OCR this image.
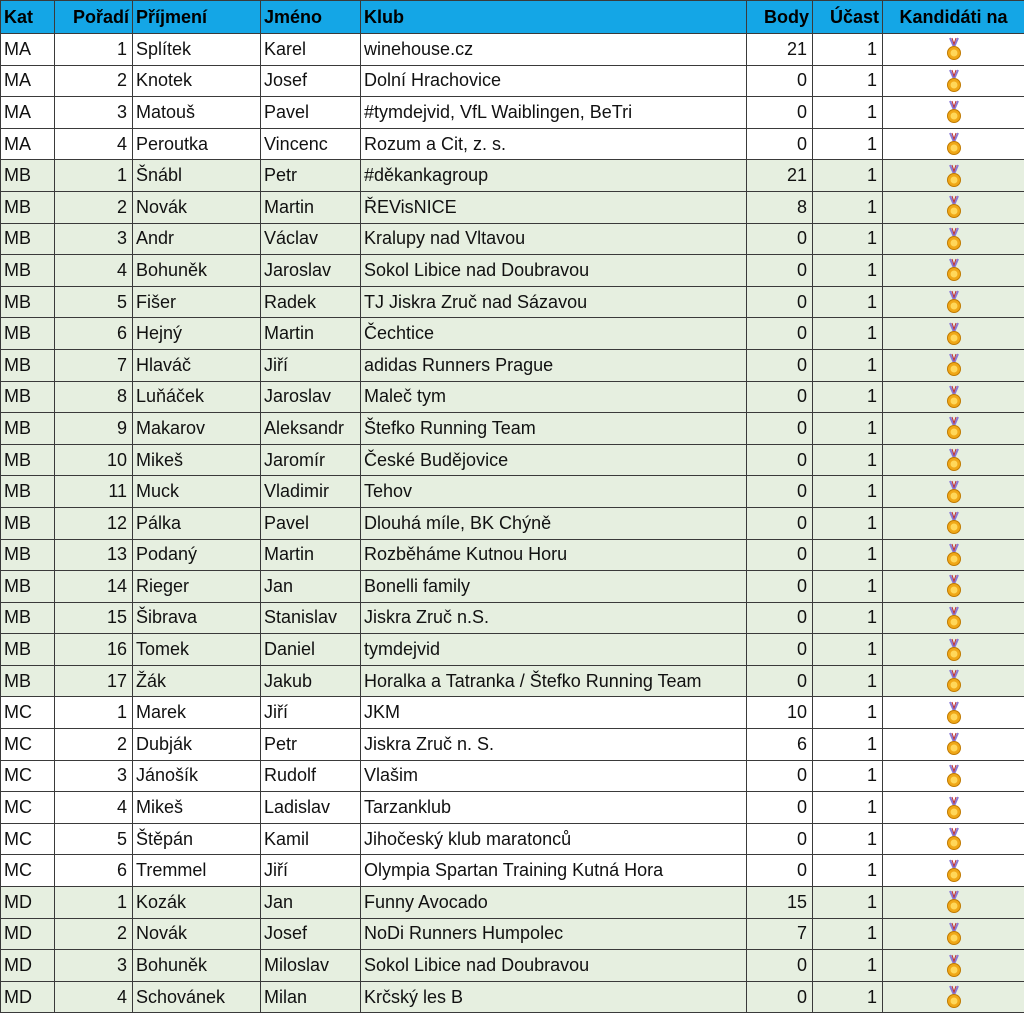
Kat	Pořadí	Příjmení	Jméno	Klub	Body	Účast	Kandidáti na
MA	1	Splítek	Karel	winehouse.cz	21	1	
MA	2	Knotek	Josef	Dolní Hrachovice	0	1	
MA	3	Matouš	Pavel	#tymdejvid, VfL Waiblingen, BeTri	0	1	
MA	4	Peroutka	Vincenc	Rozum a Cit, z. s.	0	1	
MB	1	Šnábl	Petr	#děkankagroup	21	1	
MB	2	Novák	Martin	ŘEVisNICE	8	1	
MB	3	Andr	Václav	Kralupy nad Vltavou	0	1	
MB	4	Bohuněk	Jaroslav	Sokol Libice nad Doubravou	0	1	
MB	5	Fišer	Radek	TJ Jiskra Zruč nad Sázavou	0	1	
MB	6	Hejný	Martin	Čechtice	0	1	
MB	7	Hlaváč	Jiří	adidas Runners Prague	0	1	
MB	8	Luňáček	Jaroslav	Maleč tym	0	1	
MB	9	Makarov	Aleksandr	Štefko Running Team	0	1	
MB	10	Mikeš	Jaromír	České Budějovice	0	1	
MB	11	Muck	Vladimir	Tehov	0	1	
MB	12	Pálka	Pavel	Dlouhá míle, BK Chýně	0	1	
MB	13	Podaný	Martin	Rozběháme Kutnou Horu	0	1	
MB	14	Rieger	Jan	Bonelli family	0	1	
MB	15	Šibrava	Stanislav	Jiskra Zruč n.S.	0	1	
MB	16	Tomek	Daniel	tymdejvid	0	1	
MB	17	Žák	Jakub	Horalka a Tatranka / Štefko Running Team	0	1	
MC	1	Marek	Jiří	JKM	10	1	
MC	2	Dubják	Petr	Jiskra Zruč n. S.	6	1	
MC	3	Jánošík	Rudolf	Vlašim	0	1	
MC	4	Mikeš	Ladislav	Tarzanklub	0	1	
MC	5	Štěpán	Kamil	Jihočeský klub maratonců	0	1	
MC	6	Tremmel	Jiří	Olympia Spartan Training Kutná Hora	0	1	
MD	1	Kozák	Jan	Funny Avocado	15	1	
MD	2	Novák	Josef	NoDi Runners Humpolec	7	1	
MD	3	Bohuněk	Miloslav	Sokol Libice nad Doubravou	0	1	
MD	4	Schovánek	Milan	Krčský les B	0	1	
